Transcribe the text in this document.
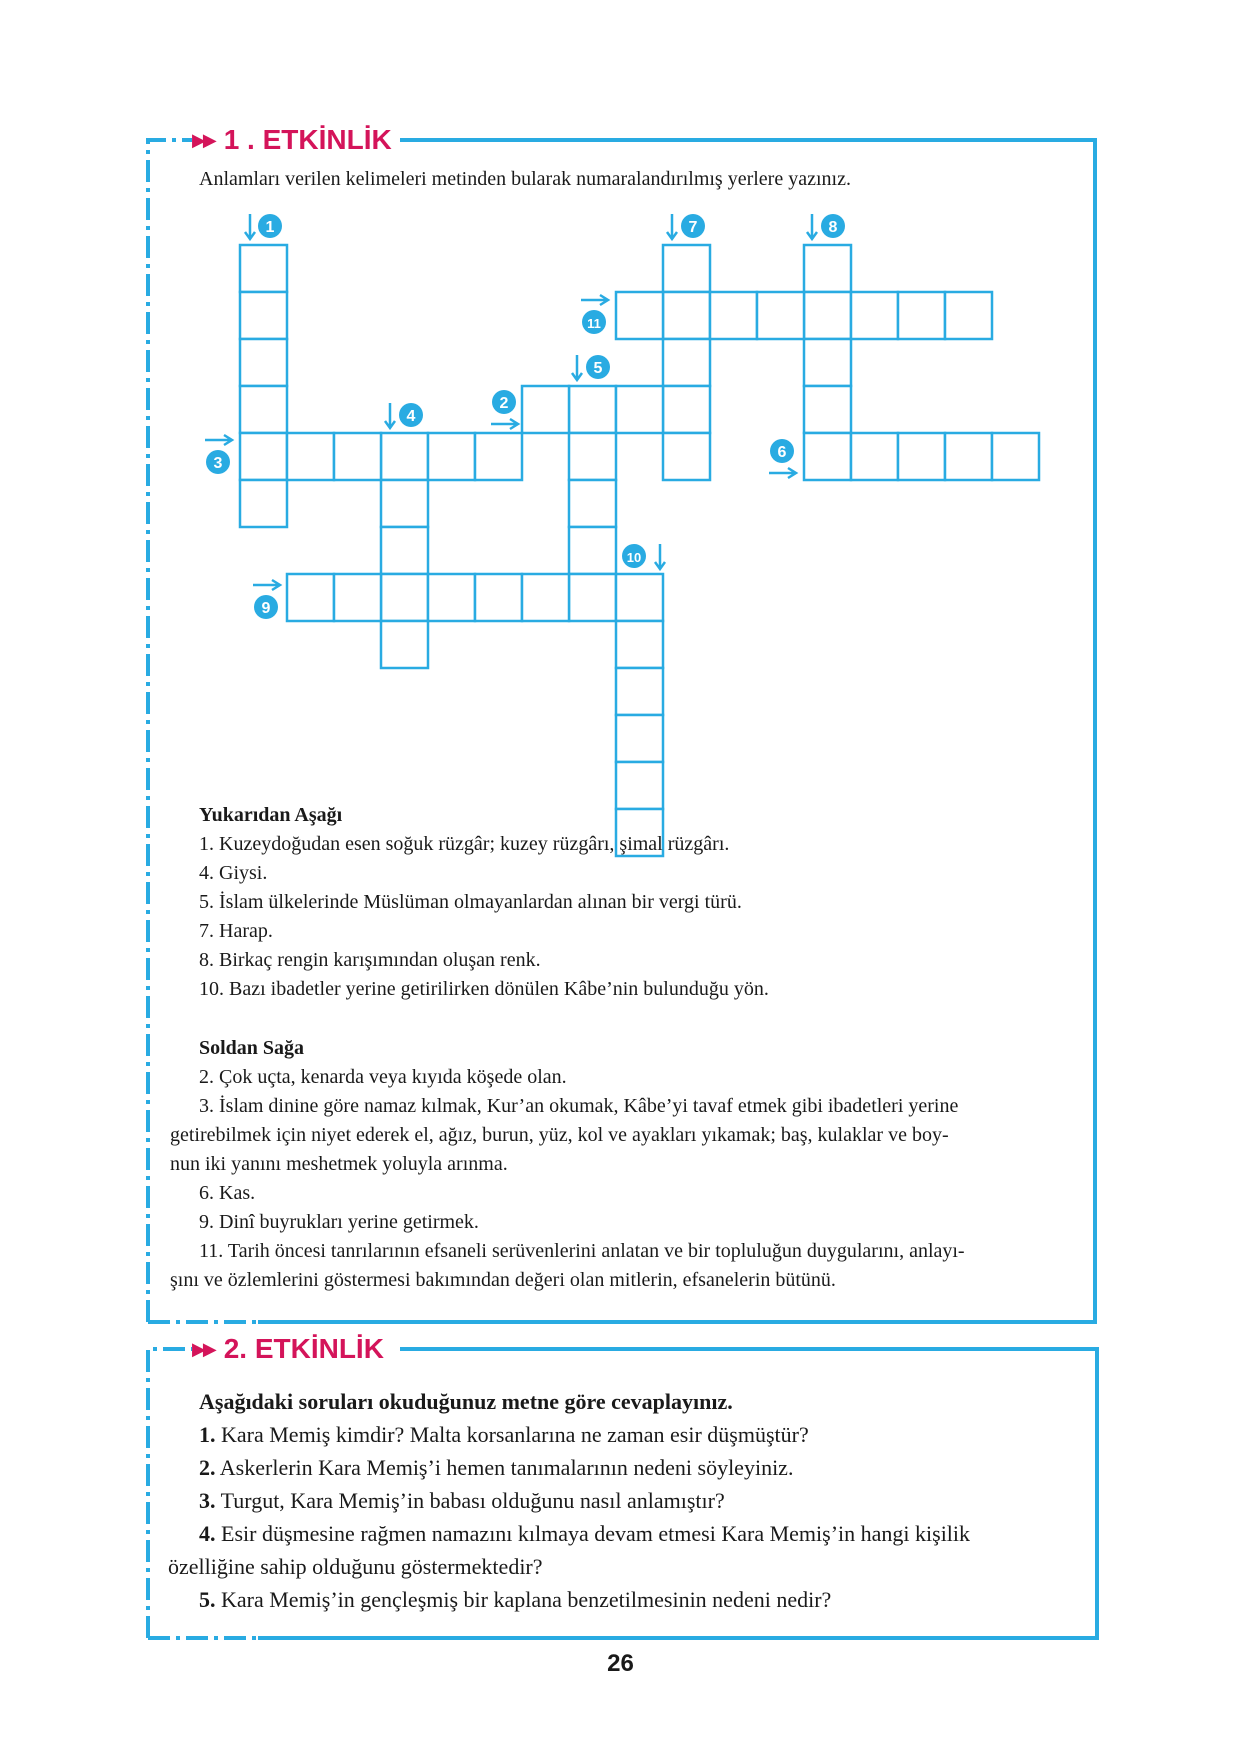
▶▶ 1 . ETKİNLİK
Anlamları verilen kelimeleri metinden bularak numaralandırılmış yerlere yazınız.
1	7	8
11
5
4
2
3
6
10
9
Yukarıdan Aşağı
1. Kuzeydoğudan esen soğuk rüzgâr; kuzey rüzgârı, şimal rüzgârı.
4. Giysi.
5. İslam ülkelerinde Müslüman olmayanlardan alınan bir vergi türü.
7. Harap.
8. Birkaç rengin karışımından oluşan renk.
10. Bazı ibadetler yerine getirilirken dönülen Kâbe’nin bulunduğu yön.
Soldan Sağa
2. Çok uçta, kenarda veya kıyıda köşede olan.
3. İslam dinine göre namaz kılmak, Kur’an okumak, Kâbe’yi tavaf etmek gibi ibadetleri yerine
getirebilmek için niyet ederek el, ağız, burun, yüz, kol ve ayakları yıkamak; baş, kulaklar ve boy-
nun iki yanını meshetmek yoluyla arınma.
6. Kas.
9. Dinî buyrukları yerine getirmek.
11. Tarih öncesi tanrılarının efsaneli serüvenlerini anlatan ve bir topluluğun duygularını, anlayı-
şını ve özlemlerini göstermesi bakımından değeri olan mitlerin, efsanelerin bütünü.
▶▶ 2. ETKİNLİK
Aşağıdaki soruları okuduğunuz metne göre cevaplayınız.
1. Kara Memiş kimdir? Malta korsanlarına ne zaman esir düşmüştür?
2. Askerlerin Kara Memiş’i hemen tanımalarının nedeni söyleyiniz.
3. Turgut, Kara Memiş’in babası olduğunu nasıl anlamıştır?
4. Esir düşmesine rağmen namazını kılmaya devam etmesi Kara Memiş’in hangi kişilik
özelliğine sahip olduğunu göstermektedir?
5. Kara Memiş’in gençleşmiş bir kaplana benzetilmesinin nedeni nedir?
26
